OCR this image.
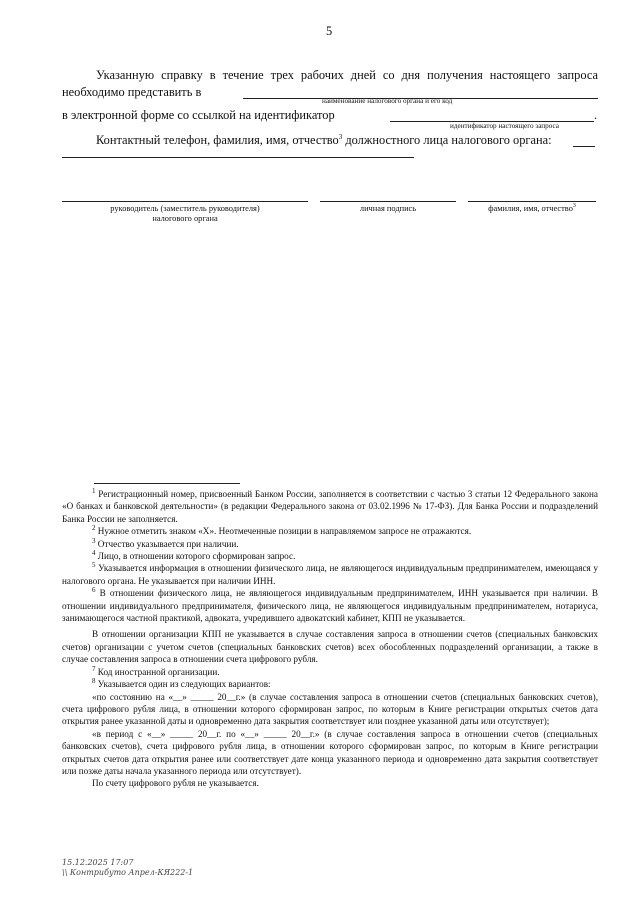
5
Указанную справку в течение трех рабочих дней со дня получения настоящего запроса
необходимо представить в
наименование налогового органа и его код
в электронной форме со ссылкой на идентификатор	.
идентификатор настоящего запроса
Контактный телефон, фамилия, имя, отчество$^3$ должностного лица налогового органа:
руководитель (заместитель руководителя)
налогового органа
личная подпись	фамилия, имя, отчество$^3$

$^1$ Регистрационный номер, присвоенный Банком России, заполняется в соответствии с частью 3 статьи 12 Федерального закона «О банках и банковской деятельности» (в редакции Федерального закона от 03.02.1996 № 17-ФЗ). Для Банка России и подразделений Банка России не заполняется.

$^2$ Нужное отметить знаком «X». Неотмеченные позиции в направляемом запросе не отражаются.

$^3$ Отчество указывается при наличии.

$^4$ Лицо, в отношении которого сформирован запрос.

$^5$ Указывается информация в отношении физического лица, не являющегося индивидуальным предпринимателем, имеющаяся у налогового органа. Не указывается при наличии ИНН.

$^6$ В отношении физического лица, не являющегося индивидуальным предпринимателем, ИНН указывается при наличии. В отношении индивидуального предпринимателя, физического лица, не являющегося индивидуальным предпринимателем, нотариуса, занимающегося частной практикой, адвоката, учредившего адвокатский кабинет, КПП не указывается.

В отношении организации КПП не указывается в случае составления запроса в отношении счетов (специальных банковских счетов) организации с учетом счетов (специальных банковских счетов) всех обособленных подразделений организации, а также в случае составления запроса в отношении счета цифрового рубля.

$^7$ Код иностранной организации.

$^8$ Указывается один из следующих вариантов:

«по состоянию на «__» _____ 20__г.» (в случае составления запроса в отношении счетов (специальных банковских счетов), счета цифрового рубля лица, в отношении которого сформирован запрос, по которым в Книге регистрации открытых счетов дата открытия ранее указанной даты и одновременно дата закрытия соответствует или позднее указанной даты или отсутствует);

«в период с «__» _____ 20__г. по «__» _____ 20__г.» (в случае составления запроса в отношении счетов (специальных банковских счетов), счета цифрового рубля лица, в отношении которого сформирован запрос, по которым в Книге регистрации открытых счетов дата открытия ранее или соответствует дате конца указанного периода и одновременно дата закрытия соответствует или позже даты начала указанного периода или отсутствует).

По счету цифрового рубля не указывается.

15.12.2025 17:07
\\ Контрибуто Апрел-КЯ222-1
